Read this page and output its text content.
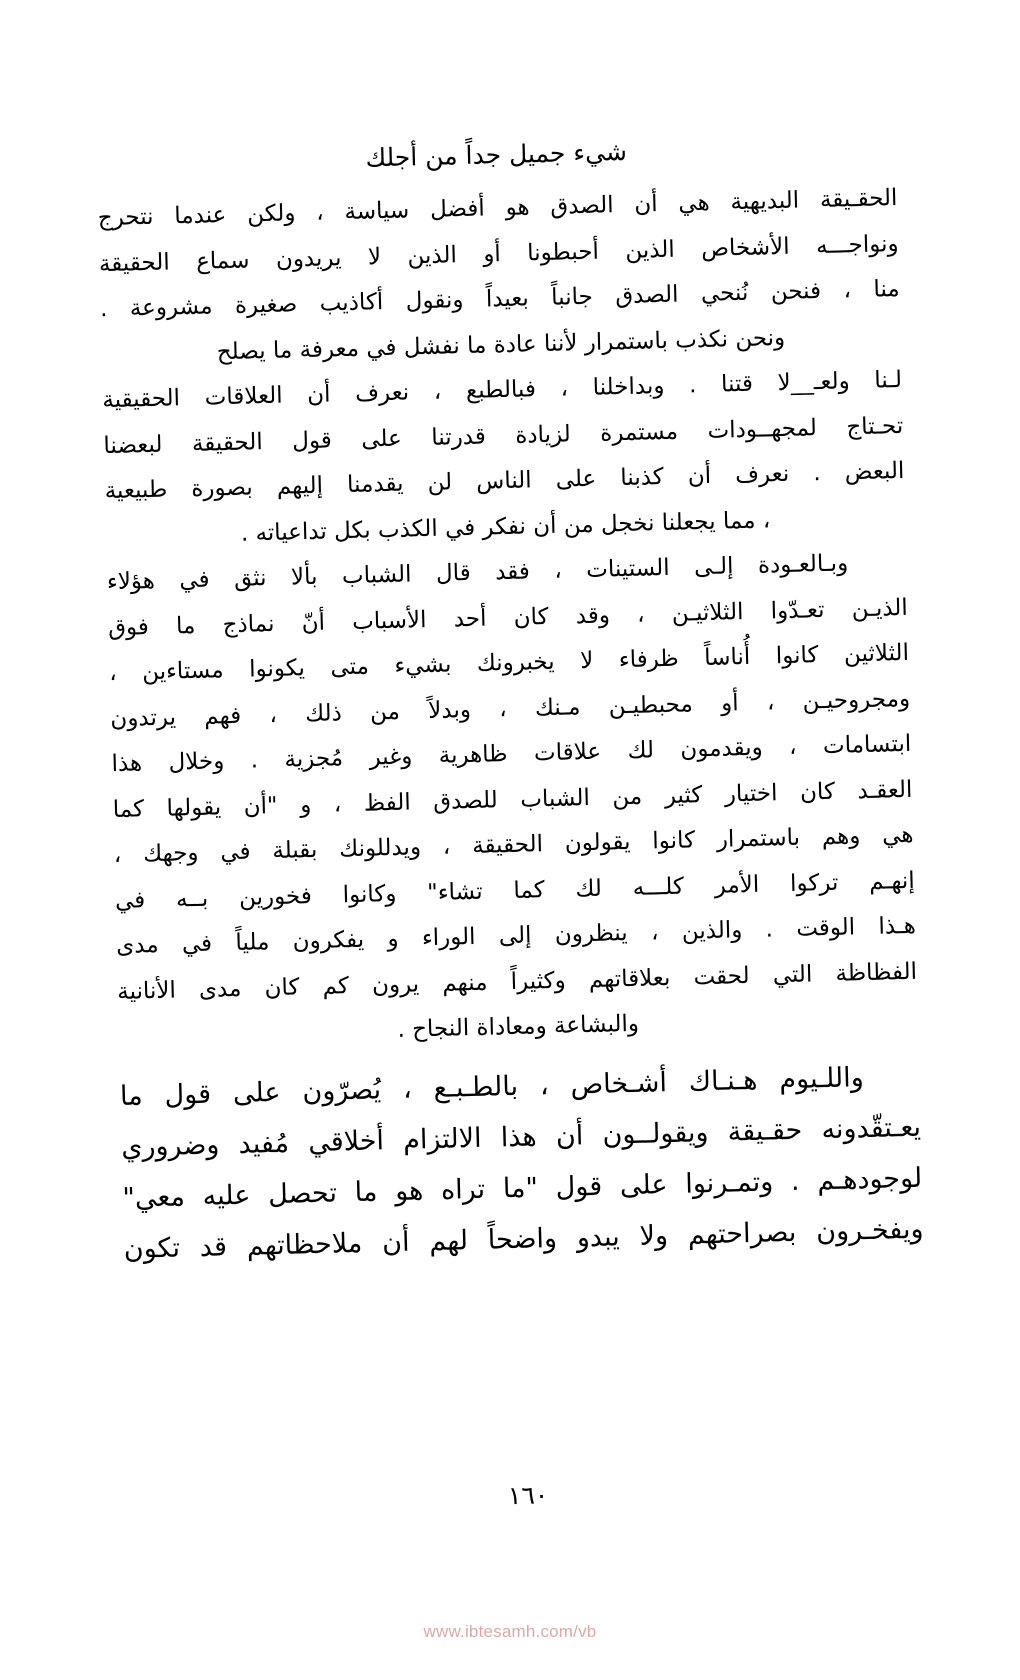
شيء جميل جداً من أجلك
الحقـيقة
البديهية
هي
أن
الصدق
هو
أفضل
سياسة
،
ولكن
عندما
نتحرج
ونواجـــه
الأشخاص
الذين
أحبطونا
أو
الذين
لا
يريدون
سماع
الحقيقة
منا
،
فنحن
نُنحي
الصدق
جانباً
بعيداً
ونقول
أكاذيب
صغيرة
مشروعة
.
ونحن نكذب باستمرار لأننا عادة ما نفشل في معرفة ما يصلح
لـنا
ولعـ__لا
قتنا
.
وبداخلنا
،
فبالطبع
،
نعرف
أن
العلاقات
الحقيقية
تحـتاج
لمجهــودات
مستمرة
لزيادة
قدرتنا
على
قول
الحقيقة
لبعضنا
البعض
.
نعرف
أن
كذبنا
على
الناس
لن
يقدمنا
إليهم
بصورة
طبيعية
، مما يجعلنا نخجل من أن نفكر في الكذب بكل تداعياته .
وبـالعـودة
إلـى
الستينات
،
فقد
قال
الشباب
بألا
نثق
في
هؤلاء
الذيـن
تعـدّوا
الثلاثيـن
،
وقد
كان
أحد
الأسباب
أنّ
نماذج
ما
فوق
الثلاثين
كانوا
أُناساً
ظرفاء
لا
يخبرونك
بشيء
متى
يكونوا
مستاءين
،
ومجروحيـن
،
أو
محبطيـن
مـنك
،
وبدلاً
من
ذلك
،
فهم
يرتدون
ابتسامات
،
ويقدمون
لك
علاقات
ظاهرية
وغير
مُجزية
.
وخلال
هذا
العقـد
كان
اختيار
كثير
من
الشباب
للصدق
الفظ
،
و
"أن
يقولها
كما
هي
وهم
باستمرار
كانوا
يقولون
الحقيقة
،
ويدللونك
بقبلة
في
وجهك
،
إنهـم
تركوا
الأمر
كلـــه
لك
كما
تشاء"
وكانوا
فخورين
بــه
في
هـذا
الوقت
.
والذين
،
ينظرون
إلى
الوراء
و
يفكرون
ملياً
في
مدى
الفظاظة
التي
لحقت
بعلاقاتهم
وكثيراً
منهم
يرون
كم
كان
مدى
الأنانية
والبشاعة ومعاداة النجاح .
واللـيوم
هـنـاك
أشـخاص
،
بالطـبـع
،
يُصرّون
على
قول
ما
يعـتقّدونه
حقـيقة
ويقولــون
أن
هذا
الالتزام
أخلاقي
مُفيد
وضروري
لوجودهـم
.
وتمـرنوا
على
قول
"ما
تراه
هو
ما
تحصل
عليه
معي"
ويفخـرون
بصراحتهم
ولا
يبدو
واضحاً
لهم
أن
ملاحظاتهم
قد
تكون
١٦٠
www.ibtesamh.com/vb
